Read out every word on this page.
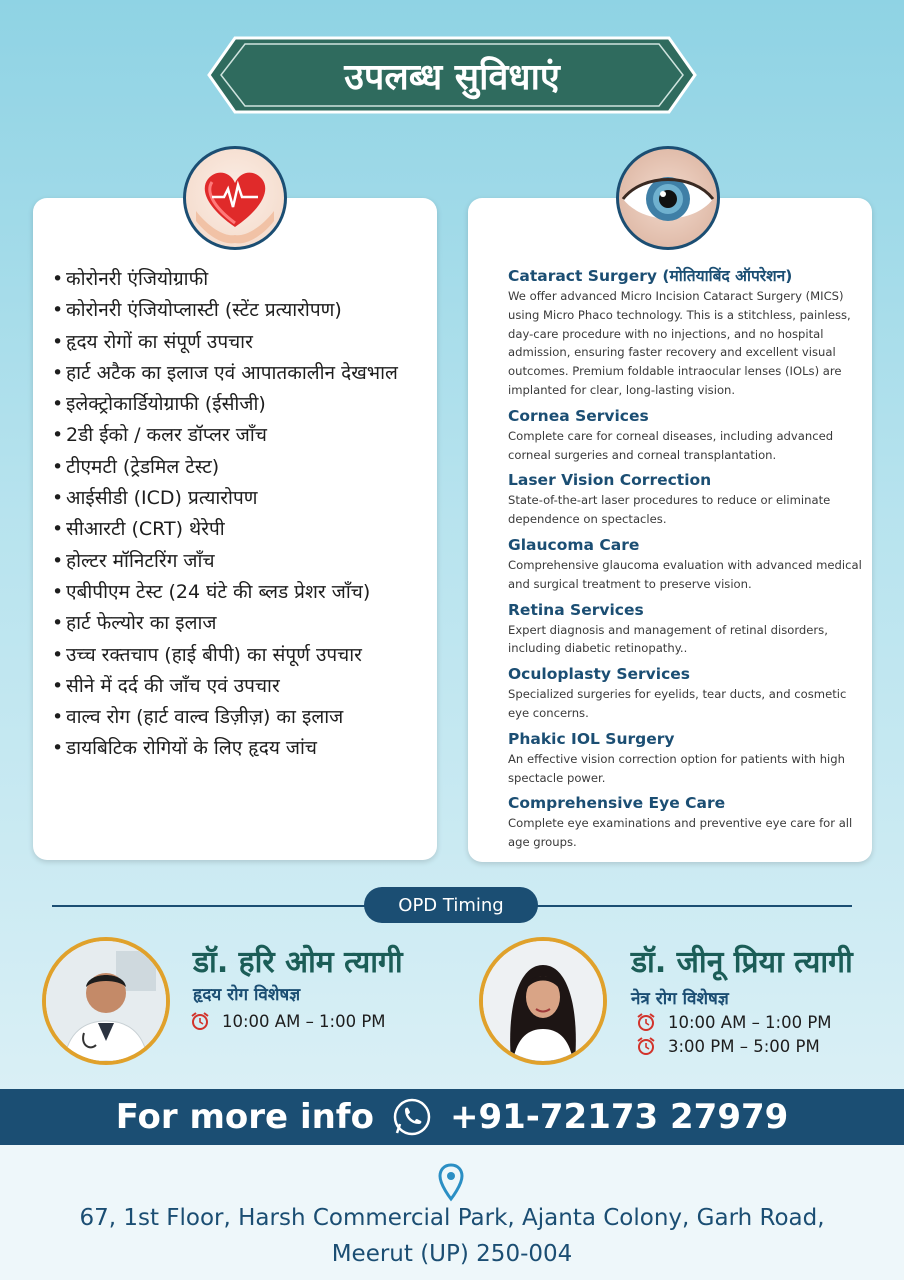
उपलब्ध सुविधाएं
• कोरोनरी एंजियोग्राफी
• कोरोनरी एंजियोप्लास्टी (स्टेंट प्रत्यारोपण)
• हृदय रोगों का संपूर्ण उपचार
• हार्ट अटैक का इलाज एवं आपातकालीन देखभाल
• इलेक्ट्रोकार्डियोग्राफी (ईसीजी)
• 2डी ईको / कलर डॉप्लर जाँच
• टीएमटी (ट्रेडमिल टेस्ट)
• आईसीडी (ICD) प्रत्यारोपण
• सीआरटी (CRT) थेरेपी
• होल्टर मॉनिटरिंग जाँच
• एबीपीएम टेस्ट (24 घंटे की ब्लड प्रेशर जाँच)
• हार्ट फेल्योर का इलाज
• उच्च रक्तचाप (हाई बीपी) का संपूर्ण उपचार
• सीने में दर्द की जाँच एवं उपचार
• वाल्व रोग (हार्ट वाल्व डिज़ीज़) का इलाज
• डायबिटिक रोगियों के लिए हृदय जांच
Cataract Surgery (मोतियाबिंद ऑपरेशन)
We offer advanced Micro Incision Cataract Surgery (MICS) using Micro Phaco technology. This is a stitchless, painless, day-care procedure with no injections, and no hospital admission, ensuring faster recovery and excellent visual outcomes. Premium foldable intraocular lenses (IOLs) are implanted for clear, long-lasting vision.
Cornea Services
Complete care for corneal diseases, including advanced corneal surgeries and corneal transplantation.
Laser Vision Correction
State-of-the-art laser procedures to reduce or eliminate dependence on spectacles.
Glaucoma Care
Comprehensive glaucoma evaluation with advanced medical and surgical treatment to preserve vision.
Retina Services
Expert diagnosis and management of retinal disorders, including diabetic retinopathy..
Oculoplasty Services
Specialized surgeries for eyelids, tear ducts, and cosmetic eye concerns.
Phakic IOL Surgery
An effective vision correction option for patients with high spectacle power.
Comprehensive Eye Care
Complete eye examinations and preventive eye care for all age groups.
OPD Timing
डॉ. हरि ओम त्यागी
हृदय रोग विशेषज्ञ
10:00 AM – 1:00 PM
डॉ. जीनू प्रिया त्यागी
नेत्र रोग विशेषज्ञ
10:00 AM – 1:00 PM
3:00 PM – 5:00 PM
For more info +91-72173 27979
67, 1st Floor, Harsh Commercial Park, Ajanta Colony, Garh Road,
Meerut (UP) 250-004
